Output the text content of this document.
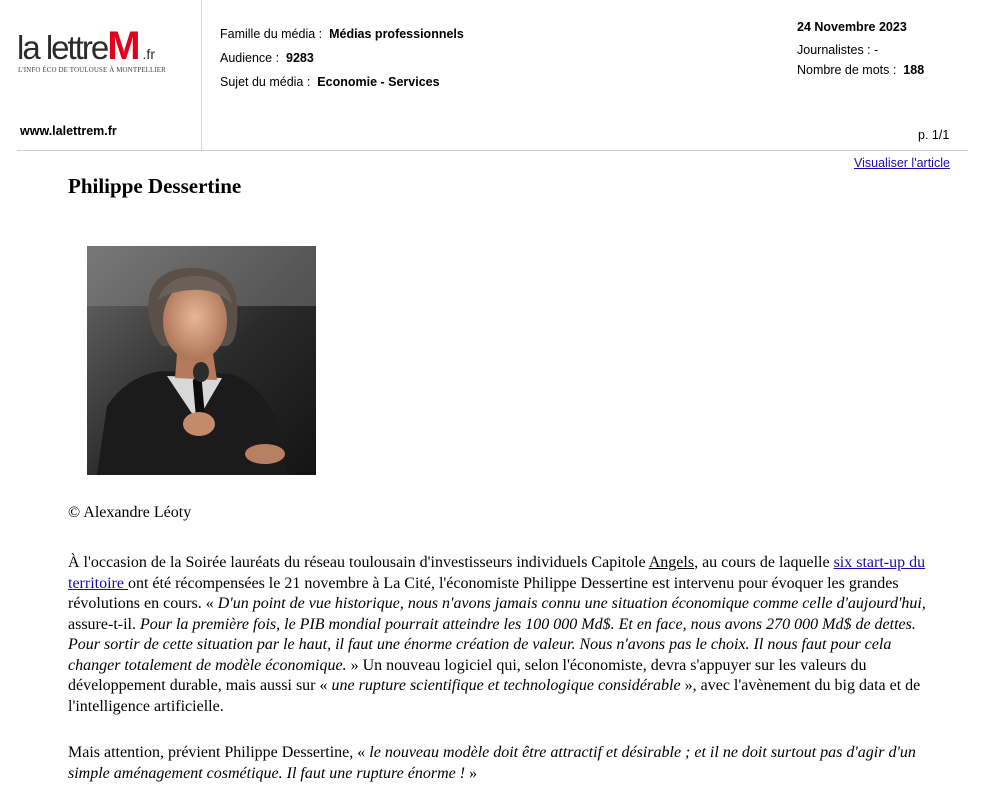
la lettreM .fr
L'INFO ÉCO DE TOULOUSE À MONTPELLIER
Famille du média : Médias professionnels
Audience : 9283
Sujet du média : Economie - Services
24 Novembre 2023
Journalistes : -
Nombre de mots : 188
www.lalettrem.fr	p. 1/1
Visualiser l'article
Philippe Dessertine
© Alexandre Léoty
À l'occasion de la Soirée lauréats du réseau toulousain d'investisseurs individuels Capitole Angels, au cours de laquelle six start-up du territoire ont été récompensées le 21 novembre à La Cité, l'économiste Philippe Dessertine est intervenu pour évoquer les grandes révolutions en cours. « D'un point de vue historique, nous n'avons jamais connu une situation économique comme celle d'aujourd'hui, assure-t-il. Pour la première fois, le PIB mondial pourrait atteindre les 100 000 Md$. Et en face, nous avons 270 000 Md$ de dettes. Pour sortir de cette situation par le haut, il faut une énorme création de valeur. Nous n'avons pas le choix. Il nous faut pour cela changer totalement de modèle économique. » Un nouveau logiciel qui, selon l'économiste, devra s'appuyer sur les valeurs du développement durable, mais aussi sur « une rupture scientifique et technologique considérable », avec l'avènement du big data et de l'intelligence artificielle.
Mais attention, prévient Philippe Dessertine, « le nouveau modèle doit être attractif et désirable ; et il ne doit surtout pas d'agir d'un simple aménagement cosmétique. Il faut une rupture énorme ! »
